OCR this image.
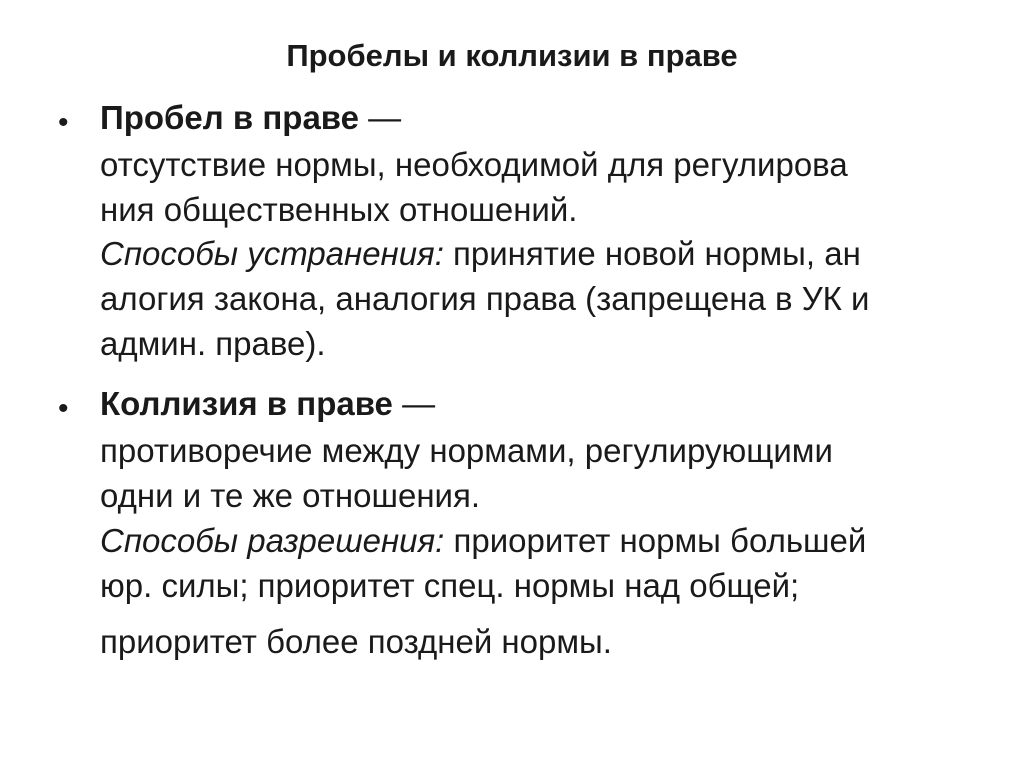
Пробелы и коллизии в праве
• Пробел в праве —
отсутствие нормы, необходимой для регулирова
ния общественных отношений.
Способы устранения: принятие новой нормы, ан
алогия закона, аналогия права (запрещена в УК и
админ. праве).
• Коллизия в праве —
противоречие между нормами, регулирующими
одни и те же отношения.
Способы разрешения: приоритет нормы большей
юр. силы; приоритет спец. нормы над общей;
приоритет более поздней нормы.
